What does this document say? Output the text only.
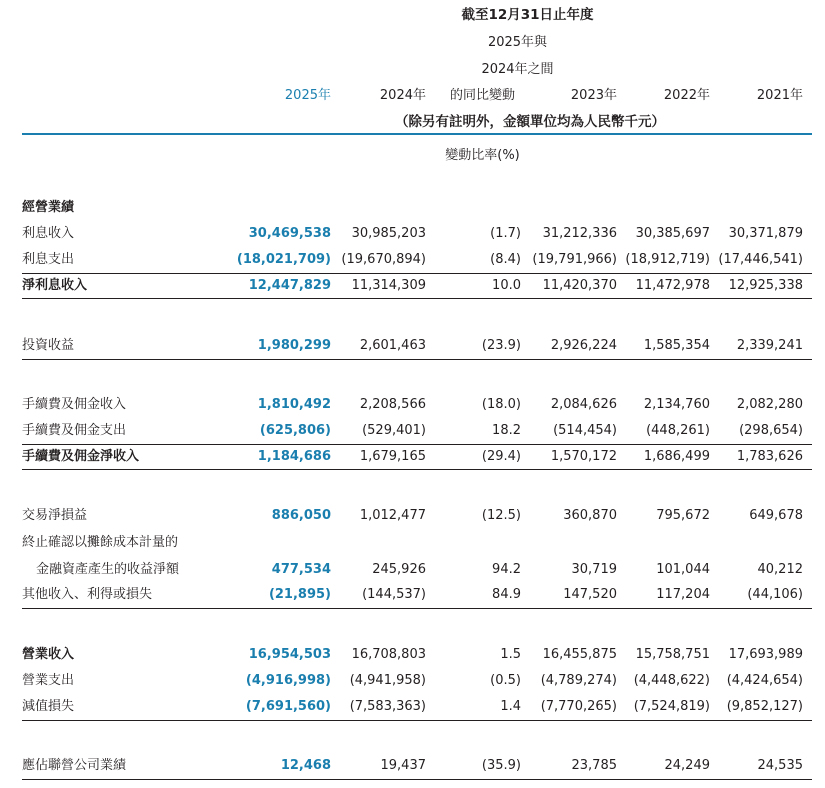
截至12月31日止年度
2025年與
2024年之間
的同比變動
2025年	2024年	2023年	2022年	2021年
（除另有註明外，金額單位均為人民幣千元）
變動比率(%)
經營業績
利息收入	30,469,538 30,985,203	(1.7) 31,212,336 30,385,697 30,371,879
利息支出	(18,021,709) (19,670,894)	(8.4) (19,791,966) (18,912,719) (17,446,541)
淨利息收入	12,447,829 11,314,309	10.0 11,420,370 11,472,978 12,925,338
投資收益	1,980,299 2,601,463	(23.9) 2,926,224 1,585,354 2,339,241
手續費及佣金收入	1,810,492 2,208,566	(18.0) 2,084,626 2,134,760 2,082,280
手續費及佣金支出	(625,806) (529,401)	18.2 (514,454) (448,261) (298,654)
手續費及佣金淨收入	1,184,686 1,679,165	(29.4) 1,570,172 1,686,499 1,783,626
交易淨損益	886,050 1,012,477	(12.5)	360,870	795,672	649,678
終止確認以攤餘成本計量的
金融資產產生的收益淨額	477,534	245,926	94.2	30,719	101,044	40,212
其他收入、利得或損失	(21,895) (144,537)	84.9	147,520	117,204	(44,106)
營業收入	16,954,503 16,708,803	1.5 16,455,875 15,758,751 17,693,989
營業支出	(4,916,998) (4,941,958)	(0.5) (4,789,274) (4,448,622) (4,424,654)
減值損失	(7,691,560) (7,583,363)	1.4 (7,770,265) (7,524,819) (9,852,127)
應佔聯營公司業績	12,468	19,437	(35.9)	23,785	24,249	24,535
